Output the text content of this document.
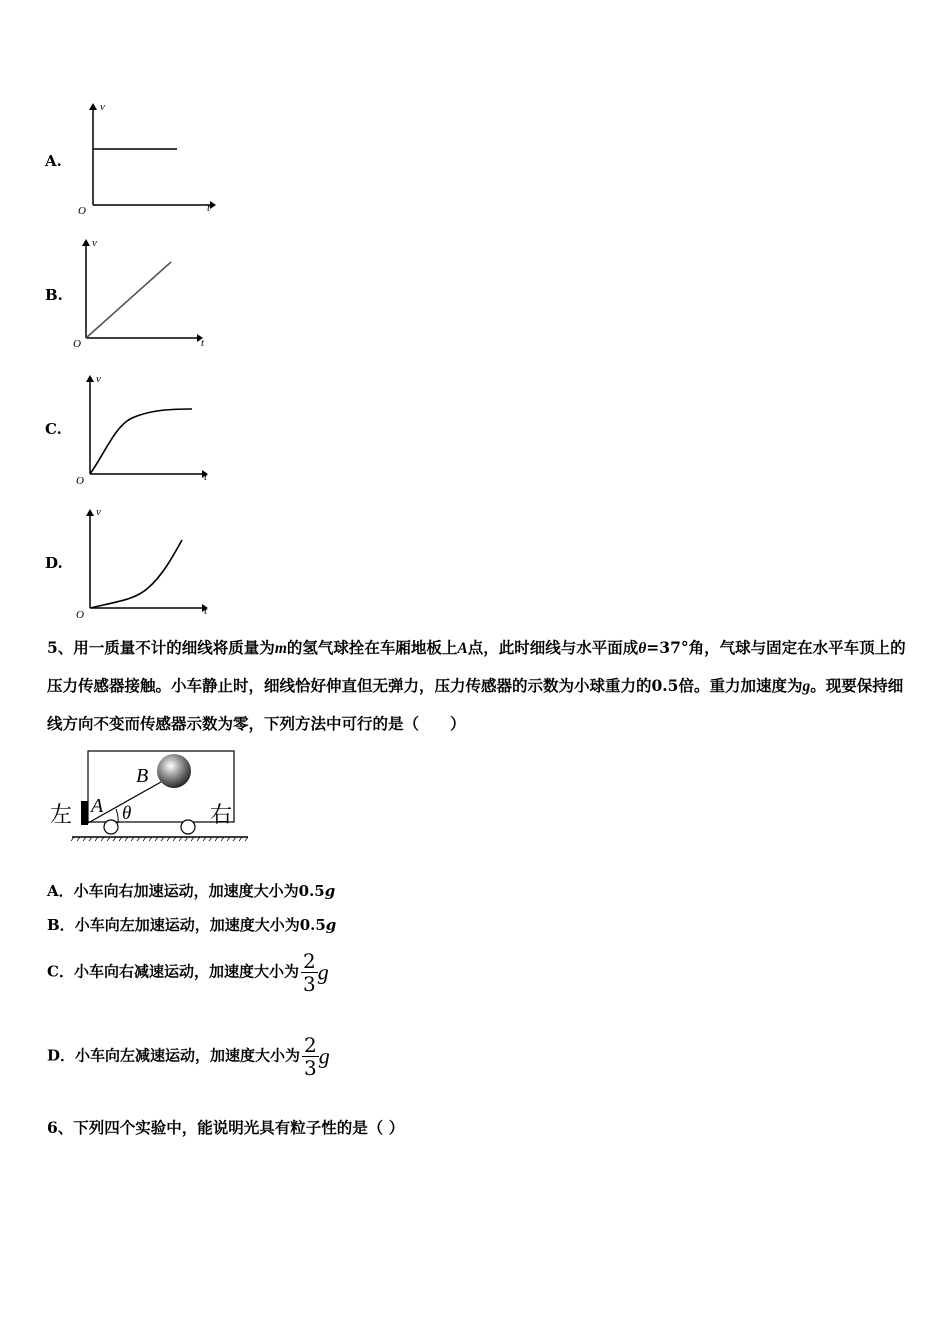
A.
v
t
O
B.
v
t
O
C.
v
t
O
D.
v
t
O
5、用一质量不计的细线将质量为m的氢气球拴在车厢地板上A点，此时细线与水平面成θ=37°角，气球与固定在水平车顶上的压力传感器接触。小车静止时，细线恰好伸直但无弹力，压力传感器的示数为小球重力的0.5倍。重力加速度为g。现要保持细线方向不变而传感器示数为零，下列方法中可行的是（　　）
左	右
A
B
θ
A．小车向右加速运动，加速度大小为0.5g
B．小车向左加速运动，加速度大小为0.5g
C．小车向右减速运动，加速度大小为 $\frac{2}{3}$ g
D．小车向左减速运动，加速度大小为 $\frac{2}{3}$ g
6、下列四个实验中，能说明光具有粒子性的是（ ）
